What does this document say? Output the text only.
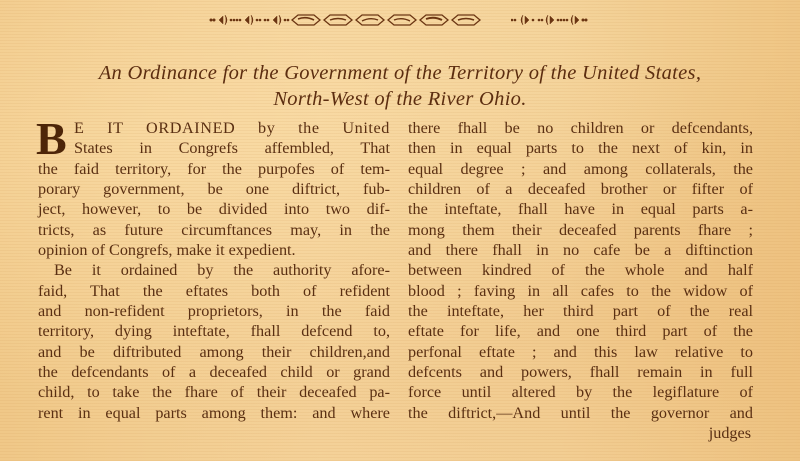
An Ordinance for the Government of the Territory of the United States,
North-West of the River Ohio.
B E IT ORDAINED by the United
States in Congrefs affembled, That
the faid territory, for the purpofes of tem-
porary government, be one diftrict, fub-
ject, however, to be divided into two dif-
tricts, as future circumftances may, in the
opinion of Congrefs, make it expedient.
Be it ordained by the authority afore-
faid, That the eftates both of refident
and non-refident proprietors, in the faid
territory, dying inteftate, fhall defcend to,
and be diftributed among their children,and
the defcendants of a deceafed child or grand
child, to take the fhare of their deceafed pa-
rent in equal parts among them: and where
there fhall be no children or defcendants,
then in equal parts to the next of kin, in
equal degree ; and among collaterals, the
children of a deceafed brother or fifter of
the inteftate, fhall have in equal parts a-
mong them their deceafed parents fhare ;
and there fhall in no cafe be a diftinction
between kindred of the whole and half
blood ; faving in all cafes to the widow of
the inteftate, her third part of the real
eftate for life, and one third part of the
perfonal eftate ; and this law relative to
defcents and powers, fhall remain in full
force until altered by the legiflature of
the diftrict,—And until the governor and
judges
